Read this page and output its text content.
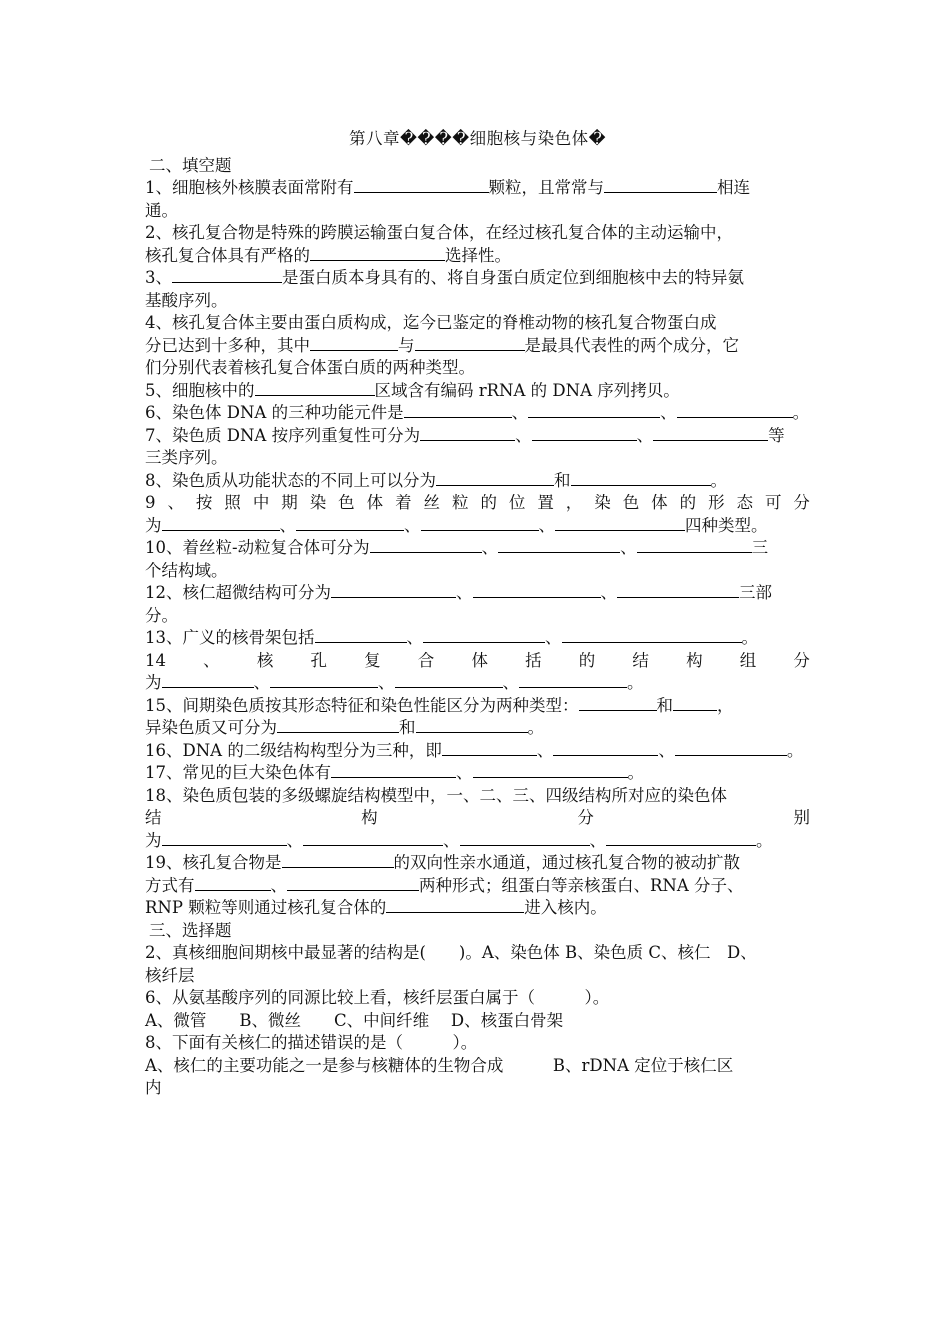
第八章����细胞核与染色体�
二、填空题
1、细胞核外核膜表面常附有	颗粒，且常常与	相连
通。
2、核孔复合物是特殊的跨膜运输蛋白复合体，在经过核孔复合体的主动运输中，
核孔复合体具有严格的	选择性。
3、	是蛋白质本身具有的、将自身蛋白质定位到细胞核中去的特异氨
基酸序列。
4、核孔复合体主要由蛋白质构成，迄今已鉴定的脊椎动物的核孔复合物蛋白成
分已达到十多种，其中	与	是最具代表性的两个成分，它
们分别代表着核孔复合体蛋白质的两种类型。
5、细胞核中的	区域含有编码 rRNA 的 DNA 序列拷贝。
6、染色体 DNA 的三种功能元件是	、	、	。
7、染色质 DNA 按序列重复性可分为	、	、	等
三类序列。
8、染色质从功能状态的不同上可以分为	和	。
9 、 按 照 中 期 染 色 体 着 丝 粒 的 位 置 ， 染 色 体 的 形 态 可 分
为	、	、	、	四种类型。
10、着丝粒-动粒复合体可分为	、	、	三
个结构域。
12、核仁超微结构可分为	、	、	三部
分。
13、广义的核骨架包括	、	、	。
14 、 核 孔 复 合 体 括 的 结 构 组 分
为	、	、	、	。
15、间期染色质按其形态特征和染色性能区分为两种类型：	和	，
异染色质又可分为	和	。
16、DNA 的二级结构构型分为三种，即	、	、	。
17、常见的巨大染色体有	、	。
18、染色质包装的多级螺旋结构模型中，一、二、三、四级结构所对应的染色体
结	构	分	别
为	、	、	、	。
19、核孔复合物是	的双向性亲水通道，通过核孔复合物的被动扩散
方式有	、	两种形式；组蛋白等亲核蛋白、RNA 分子、
RNP 颗粒等则通过核孔复合体的	进入核内。
三、选择题
2、真核细胞间期核中最显著的结构是(　　)。A、染色体 B、染色质 C、核仁　D、
核纤层
6、从氨基酸序列的同源比较上看，核纤层蛋白属于（　　　）。
A、微管　　B、微丝　　C、中间纤维　 D、核蛋白骨架
8、下面有关核仁的描述错误的是（　　　）。
A、核仁的主要功能之一是参与核糖体的生物合成　　　B、rDNA 定位于核仁区
内
